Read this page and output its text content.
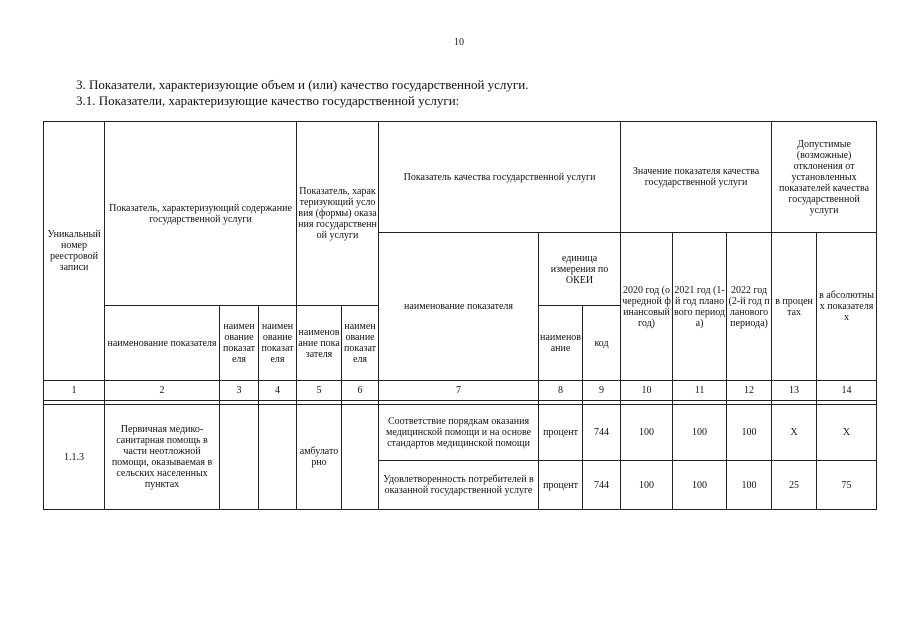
10
3. Показатели, характеризующие объем и (или) качество государственной услуги.
3.1. Показатели, характеризующие качество государственной услуги:
Уникальный номер реестровой записи	Показатель, характеризующий содержание государственной услуги			Показатель, характеризующий условия (формы) оказания государственной услуги		Показатель качества государственной услуги			Значение показателя качества государственной услуги			Допустимые (возможные) отклонения от установленных показателей качества государственной услуги	
						наименование показателя	единица измерения по ОКЕИ		2020 год (очередной финансовый год)	2021 год (1-й год планового периода)	2022 год (2-й год планового периода)	в процентах	в абсолютных показателях
	наименование показателя	наименование показателя	наименование показателя	наименование показателя	наименование показателя		наименование	код					
1	2	3	4	5	6	7	8	9	10	11	12	13	14

1.1.3	Первичная медико-санитарная помощь в части неотложной помощи, оказываемая в сельских населенных пунктах			амбулаторно		Соответствие порядкам оказания медицинской помощи и на основе стандартов медицинской помощи	процент	744	100	100	100	X	X
						Удовлетворенность потребителей в оказанной государственной услуге	процент	744	100	100	100	25	75
